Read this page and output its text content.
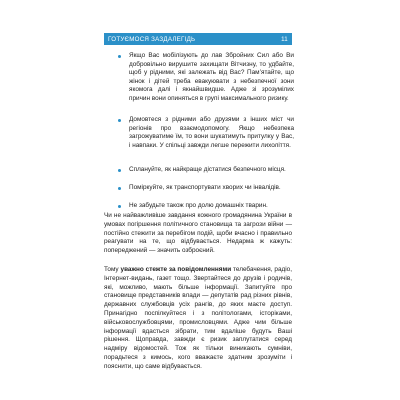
ГОТУЄМОСЯ ЗАЗДАЛЕГІДЬ	11
Якщо Вас мобілізують до лав Збройних Сил або Ви добровільно вирушите захищати Вітчизну, то удбайте, щоб у рідними, які залежать від Вас? Пам’ятайте, що жінок і дітей треба евакуювати з небезпечної зони якомога далі і якнайшвидше. Адже зі зрозумілих причин вони опиняться в групі максимального ризику.
Домовтеся з рідними або друзями з інших міст чи регіонів про взаємодопомогу. Якщо небезпека загрожуватиме їм, то вони шукатимуть притулку у Вас, і навпаки. У спільці завжди легше пережити лихоліття.
Сплануйте, як найкраще дістатися безпечного місця.
Поміркуйте, як транспортувати хворих чи інвалідів.
Не забудьте також про долю домашніх тварин.
Чи не найважливіше завдання кожного громадянина України в умовах погіршення політичного становища та загрози війни — постійно стежити за перебігом подій, щоби вчасно і правильно реагувати на те, що відбувається. Недарма ж кажуть: попереджений — значить озброєний.
Тому уважно стежте за повідомленнями телебачення, радіо, Інтернет-видань, газет тощо. Звертайтеся до друзів і родичів, які, можливо, мають більше інформації. Запитуйте про становище представників влади — депутатів рад різних рівнів, державних службовців усіх рангів, до яких маєте доступ. Принагідно поспілкуйтеся і з політологами, історіками, військовослужбовцями, промисловцями. Адже чим більше інформації вдасться зібрати, тим вдаліше будуть Ваші рішення. Щоправда, завжди є ризик заплутатися серед надміру відомостей. Тож як тільки виникають сумніви, порадьтеся з кимось, кого вважаєте здатним зрозуміти і пояснити, що саме відбувається.
